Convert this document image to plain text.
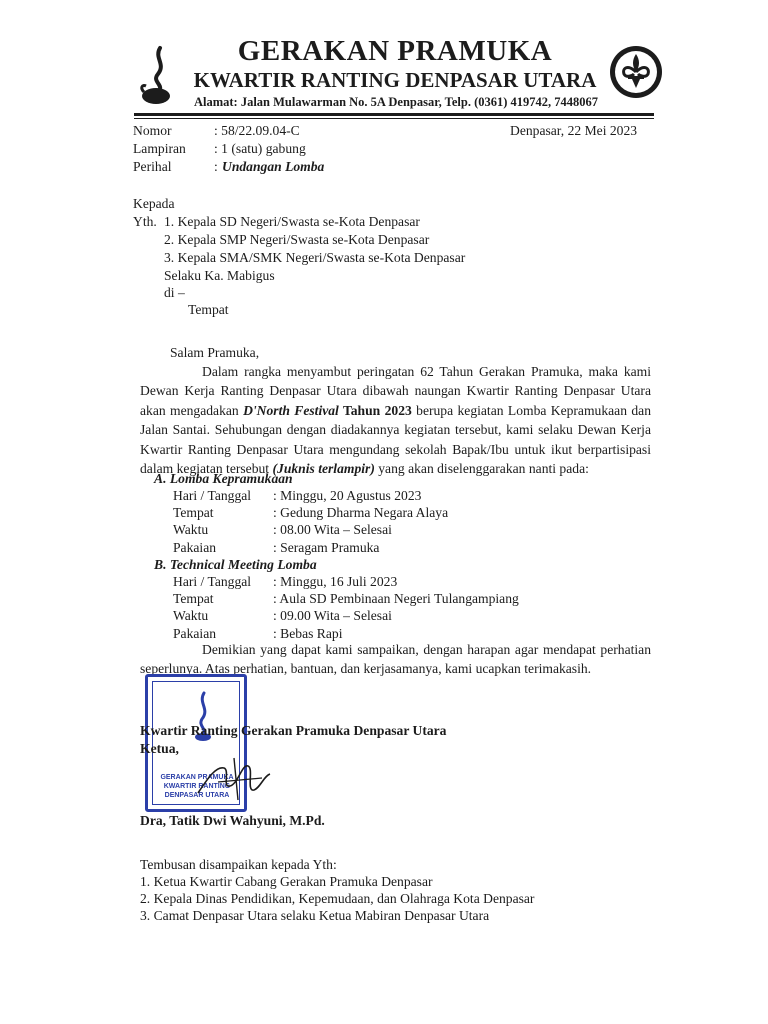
GERAKAN PRAMUKA
KWARTIR RANTING DENPASAR UTARA
Alamat: Jalan Mulawarman No. 5A Denpasar, Telp. (0361) 419742, 7448067
Nomor	: 58/22.09.04-C	Denpasar, 22 Mei 2023
Lampiran : 1 (satu) gabung
Perihal	: Undangan Lomba
Kepada
Yth. 1. Kepala SD Negeri/Swasta se-Kota Denpasar
2. Kepala SMP Negeri/Swasta se-Kota Denpasar
3. Kepala SMA/SMK Negeri/Swasta se-Kota Denpasar
Selaku Ka. Mabigus
di –
Tempat
Salam Pramuka,
Dalam rangka menyambut peringatan 62 Tahun Gerakan Pramuka, maka kami Dewan Kerja Ranting Denpasar Utara dibawah naungan Kwartir Ranting Denpasar Utara akan mengadakan D'North Festival Tahun 2023 berupa kegiatan Lomba Kepramukaan dan Jalan Santai. Sehubungan dengan diadakannya kegiatan tersebut, kami selaku Dewan Kerja Kwartir Ranting Denpasar Utara mengundang sekolah Bapak/Ibu untuk ikut berpartisipasi dalam kegiatan tersebut (Juknis terlampir) yang akan diselenggarakan nanti pada:
A. Lomba Kepramukaan
Hari / Tanggal : Minggu, 20 Agustus 2023
Tempat	: Gedung Dharma Negara Alaya
Waktu	: 08.00 Wita – Selesai
Pakaian	: Seragam Pramuka
B. Technical Meeting Lomba
Hari / Tanggal : Minggu, 16 Juli 2023
Tempat	: Aula SD Pembinaan Negeri Tulangampiang
Waktu	: 09.00 Wita – Selesai
Pakaian	: Bebas Rapi
Demikian yang dapat kami sampaikan, dengan harapan agar mendapat perhatian seperlunya. Atas perhatian, bantuan, dan kerjasamanya, kami ucapkan terimakasih.
GERAKAN PRAMUKA
KWARTIR RANTING
DENPASAR UTARA
Kwartir Ranting Gerakan Pramuka Denpasar Utara
Ketua,
Dra, Tatik Dwi Wahyuni, M.Pd.
Tembusan disampaikan kepada Yth:
1. Ketua Kwartir Cabang Gerakan Pramuka Denpasar
2. Kepala Dinas Pendidikan, Kepemudaan, dan Olahraga Kota Denpasar
3. Camat Denpasar Utara selaku Ketua Mabiran Denpasar Utara
